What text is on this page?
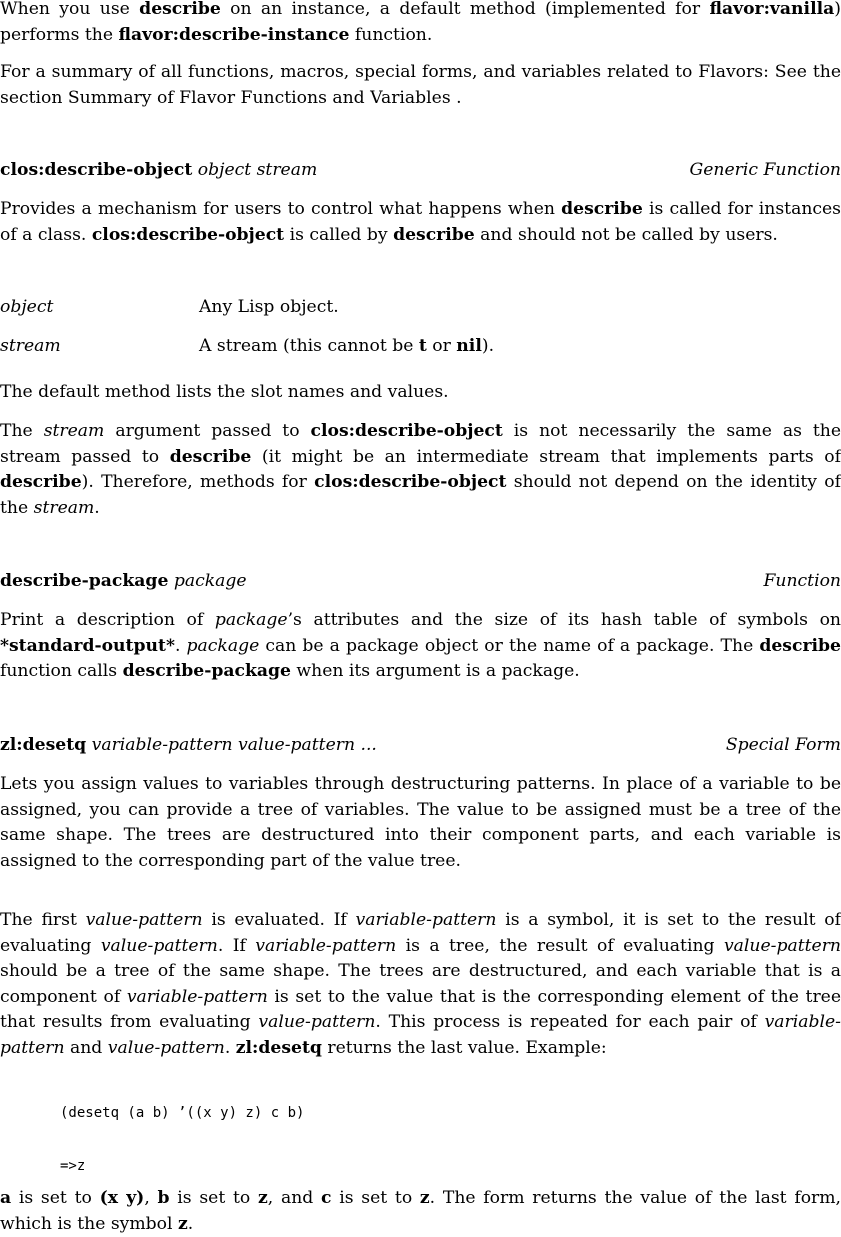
When you use describe on an instance, a default method (implemented for flavor:vanilla) performs the flavor:describe-instance function.

For a summary of all functions, macros, special forms, and variables related to Flavors: See the section Summary of Flavor Functions and Variables .

clos:describe-object object stream	Generic Function

Provides a mechanism for users to control what happens when describe is called for instances of a class. clos:describe-object is called by describe and should not be called by users.

object	Any Lisp object.
stream	A stream (this cannot be t or nil).

The default method lists the slot names and values.

The stream argument passed to clos:describe-object is not necessarily the same as the stream passed to describe (it might be an intermediate stream that implements parts of describe). Therefore, methods for clos:describe-object should not depend on the identity of the stream.

describe-package package	Function

Print a description of package’s attributes and the size of its hash table of symbols on *standard-output*. package can be a package object or the name of a package. The describe function calls describe-package when its argument is a package.

zl:desetq variable-pattern value-pattern ...	Special Form

Lets you assign values to variables through destructuring patterns. In place of a variable to be assigned, you can provide a tree of variables. The value to be assigned must be a tree of the same shape. The trees are destructured into their component parts, and each variable is assigned to the corresponding part of the value tree.

The first value-pattern is evaluated. If variable-pattern is a symbol, it is set to the result of evaluating value-pattern. If variable-pattern is a tree, the result of evaluating value-pattern should be a tree of the same shape. The trees are destructured, and each variable that is a component of variable-pattern is set to the value that is the corresponding element of the tree that results from evaluating value-pattern. This process is repeated for each pair of variable-pattern and value-pattern. zl:desetq returns the last value. Example:

(desetq (a b) ’((x y) z) c b)
=>z

a is set to (x y), b is set to z, and c is set to z. The form returns the value of the last form, which is the symbol z.
